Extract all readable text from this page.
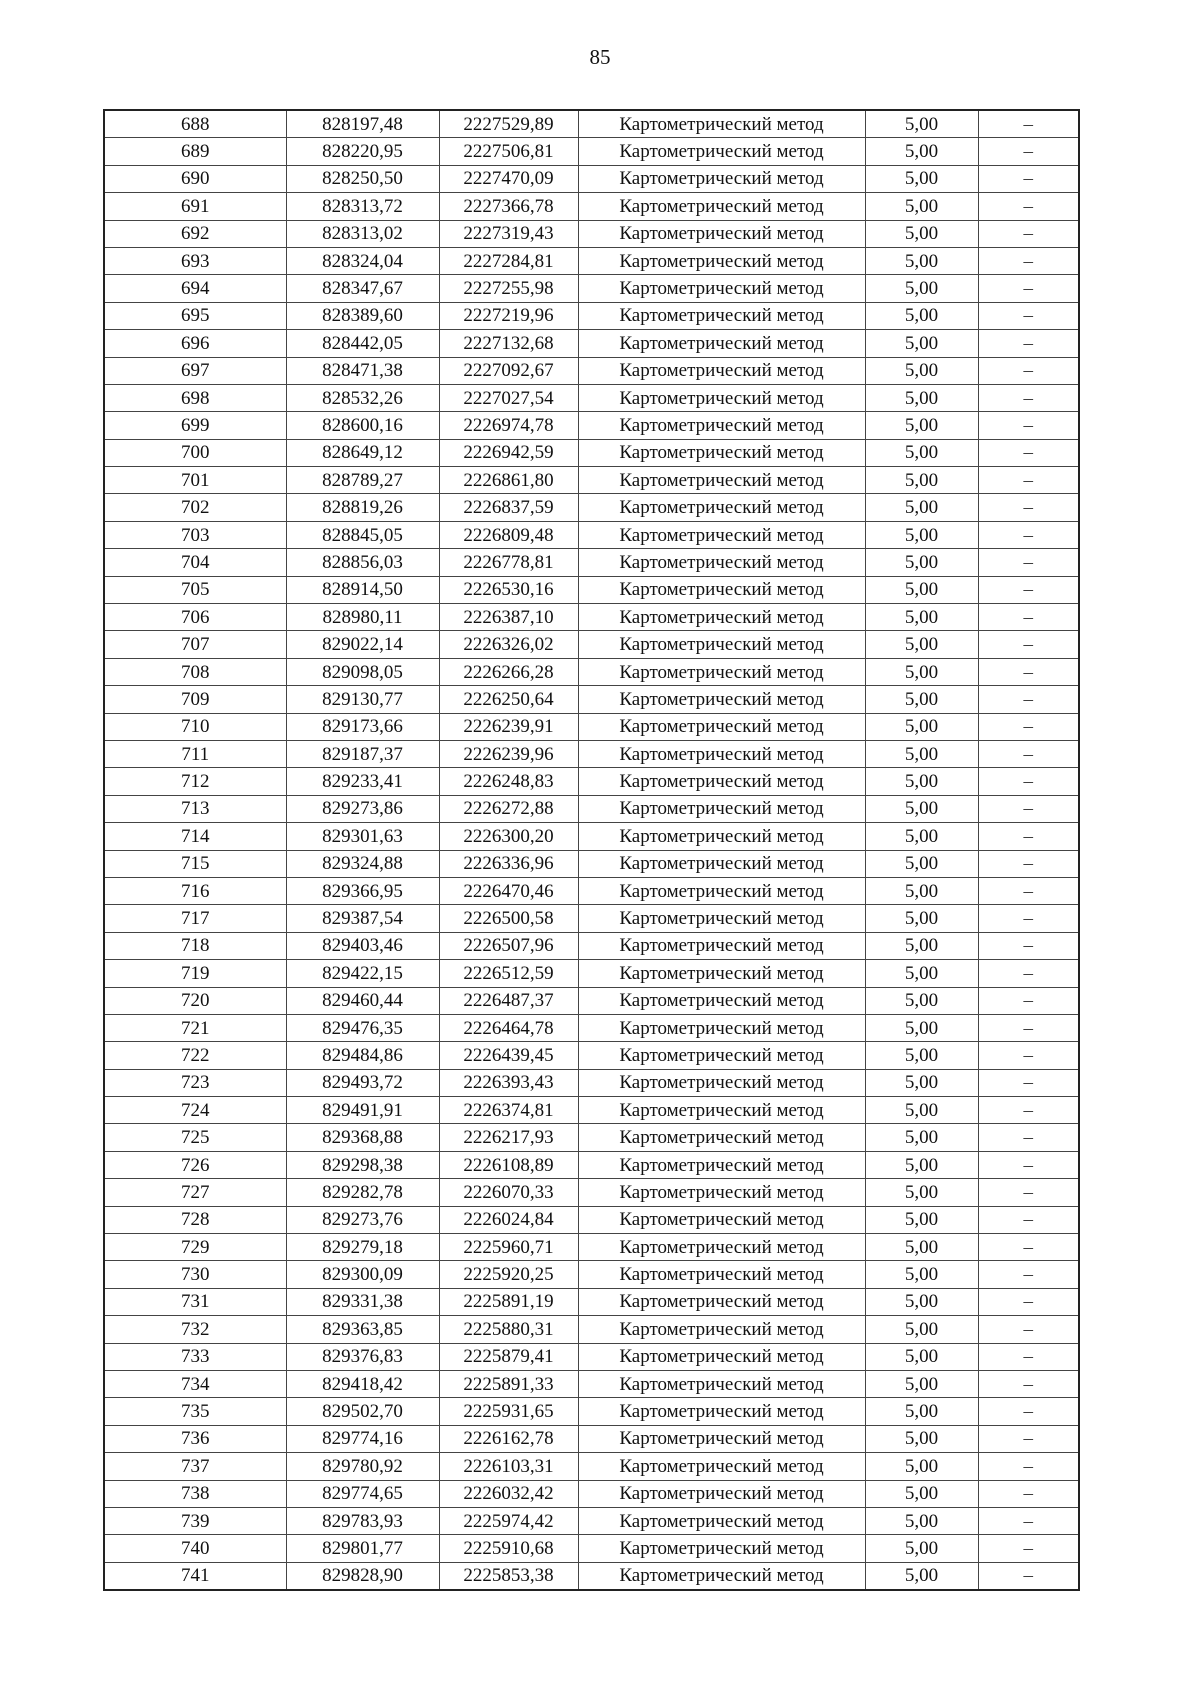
85
688	828197,48	2227529,89	Картометрический метод	5,00	–
689	828220,95	2227506,81	Картометрический метод	5,00	–
690	828250,50	2227470,09	Картометрический метод	5,00	–
691	828313,72	2227366,78	Картометрический метод	5,00	–
692	828313,02	2227319,43	Картометрический метод	5,00	–
693	828324,04	2227284,81	Картометрический метод	5,00	–
694	828347,67	2227255,98	Картометрический метод	5,00	–
695	828389,60	2227219,96	Картометрический метод	5,00	–
696	828442,05	2227132,68	Картометрический метод	5,00	–
697	828471,38	2227092,67	Картометрический метод	5,00	–
698	828532,26	2227027,54	Картометрический метод	5,00	–
699	828600,16	2226974,78	Картометрический метод	5,00	–
700	828649,12	2226942,59	Картометрический метод	5,00	–
701	828789,27	2226861,80	Картометрический метод	5,00	–
702	828819,26	2226837,59	Картометрический метод	5,00	–
703	828845,05	2226809,48	Картометрический метод	5,00	–
704	828856,03	2226778,81	Картометрический метод	5,00	–
705	828914,50	2226530,16	Картометрический метод	5,00	–
706	828980,11	2226387,10	Картометрический метод	5,00	–
707	829022,14	2226326,02	Картометрический метод	5,00	–
708	829098,05	2226266,28	Картометрический метод	5,00	–
709	829130,77	2226250,64	Картометрический метод	5,00	–
710	829173,66	2226239,91	Картометрический метод	5,00	–
711	829187,37	2226239,96	Картометрический метод	5,00	–
712	829233,41	2226248,83	Картометрический метод	5,00	–
713	829273,86	2226272,88	Картометрический метод	5,00	–
714	829301,63	2226300,20	Картометрический метод	5,00	–
715	829324,88	2226336,96	Картометрический метод	5,00	–
716	829366,95	2226470,46	Картометрический метод	5,00	–
717	829387,54	2226500,58	Картометрический метод	5,00	–
718	829403,46	2226507,96	Картометрический метод	5,00	–
719	829422,15	2226512,59	Картометрический метод	5,00	–
720	829460,44	2226487,37	Картометрический метод	5,00	–
721	829476,35	2226464,78	Картометрический метод	5,00	–
722	829484,86	2226439,45	Картометрический метод	5,00	–
723	829493,72	2226393,43	Картометрический метод	5,00	–
724	829491,91	2226374,81	Картометрический метод	5,00	–
725	829368,88	2226217,93	Картометрический метод	5,00	–
726	829298,38	2226108,89	Картометрический метод	5,00	–
727	829282,78	2226070,33	Картометрический метод	5,00	–
728	829273,76	2226024,84	Картометрический метод	5,00	–
729	829279,18	2225960,71	Картометрический метод	5,00	–
730	829300,09	2225920,25	Картометрический метод	5,00	–
731	829331,38	2225891,19	Картометрический метод	5,00	–
732	829363,85	2225880,31	Картометрический метод	5,00	–
733	829376,83	2225879,41	Картометрический метод	5,00	–
734	829418,42	2225891,33	Картометрический метод	5,00	–
735	829502,70	2225931,65	Картометрический метод	5,00	–
736	829774,16	2226162,78	Картометрический метод	5,00	–
737	829780,92	2226103,31	Картометрический метод	5,00	–
738	829774,65	2226032,42	Картометрический метод	5,00	–
739	829783,93	2225974,42	Картометрический метод	5,00	–
740	829801,77	2225910,68	Картометрический метод	5,00	–
741	829828,90	2225853,38	Картометрический метод	5,00	–
